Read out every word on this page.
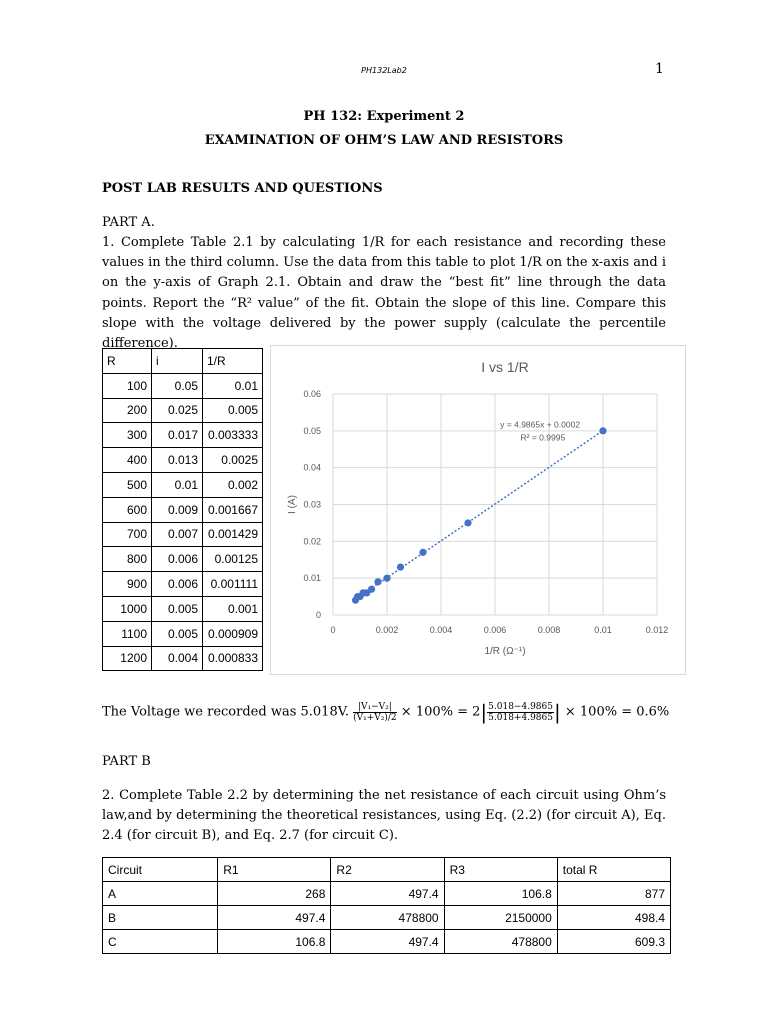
PH132Lab2	1
PH 132: Experiment 2
EXAMINATION OF OHM’S LAW AND RESISTORS
POST LAB RESULTS AND QUESTIONS
PART A.
1. Complete Table 2.1 by calculating 1/R for each resistance and recording these values in the third column. Use the data from this table to plot 1/R on the x-axis and i on the y-axis of Graph 2.1. Obtain and draw the “best fit” line through the data points. Report the “R² value” of the fit. Obtain the slope of this line. Compare this slope with the voltage delivered by the power supply (calculate the percentile difference).
R	i	1/R
100	0.05	0.01
200	0.025	0.005
300	0.017	0.003333
400	0.013	0.0025
500	0.01	0.002
600	0.009	0.001667
700	0.007	0.001429
800	0.006	0.00125
900	0.006	0.001111
1000	0.005	0.001
1100	0.005	0.000909
1200	0.004	0.000833
0
0.01
0.02
0.03
0.04
0.05
0.06
0	0.002	0.004	0.006	0.008	0.01	0.012
I vs 1/R
1/R (Ω⁻¹)
I (A)
y = 4.9865x + 0.0002
R² = 0.9995
The Voltage we recorded was 5.018V. $\frac{\text{|V₁−V₂|}}{\text{(V₁+V₂)/2}} \times 100\% = 2| \frac{5.018-4.9865}{5.018+4.9865}$ | × 100% = 0.6%
PART B
2. Complete Table 2.2 by determining the net resistance of each circuit using Ohm’s law,and by determining the theoretical resistances, using Eq. (2.2) (for circuit A), Eq. 2.4 (for circuit B), and Eq. 2.7 (for circuit C).
Circuit	R1	R2	R3	total R
A	268	497.4	106.8	877
B	497.4	478800	2150000	498.4
C	106.8	497.4	478800	609.3
